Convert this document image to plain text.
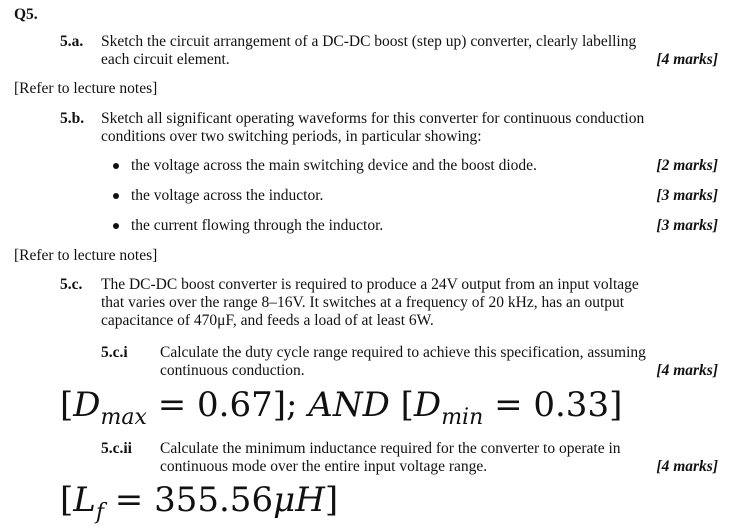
Q5.
5.a. Sketch the circuit arrangement of a DC-DC boost (step up) converter, clearly labelling
each circuit element.	[4 marks]
[Refer to lecture notes]
5.b. Sketch all significant operating waveforms for this converter for continuous conduction
conditions over two switching periods, in particular showing:
the voltage across the main switching device and the boost diode.	[2 marks]
the voltage across the inductor.	[3 marks]
the current flowing through the inductor.	[3 marks]
[Refer to lecture notes]
5.c. The DC-DC boost converter is required to produce a 24V output from an input voltage
that varies over the range 8–16V. It switches at a frequency of 20 kHz, has an output
capacitance of 470μF, and feeds a load of at least 6W.
5.c.i Calculate the duty cycle range required to achieve this specification, assuming
continuous conduction.	[4 marks]
$[D_{max} = 0.67]$; AND $[D_{min} = 0.33]$
5.c.ii Calculate the minimum inductance required for the converter to operate in
continuous mode over the entire input voltage range.	[4 marks]
$[L_f = 355.56\mu H]$
